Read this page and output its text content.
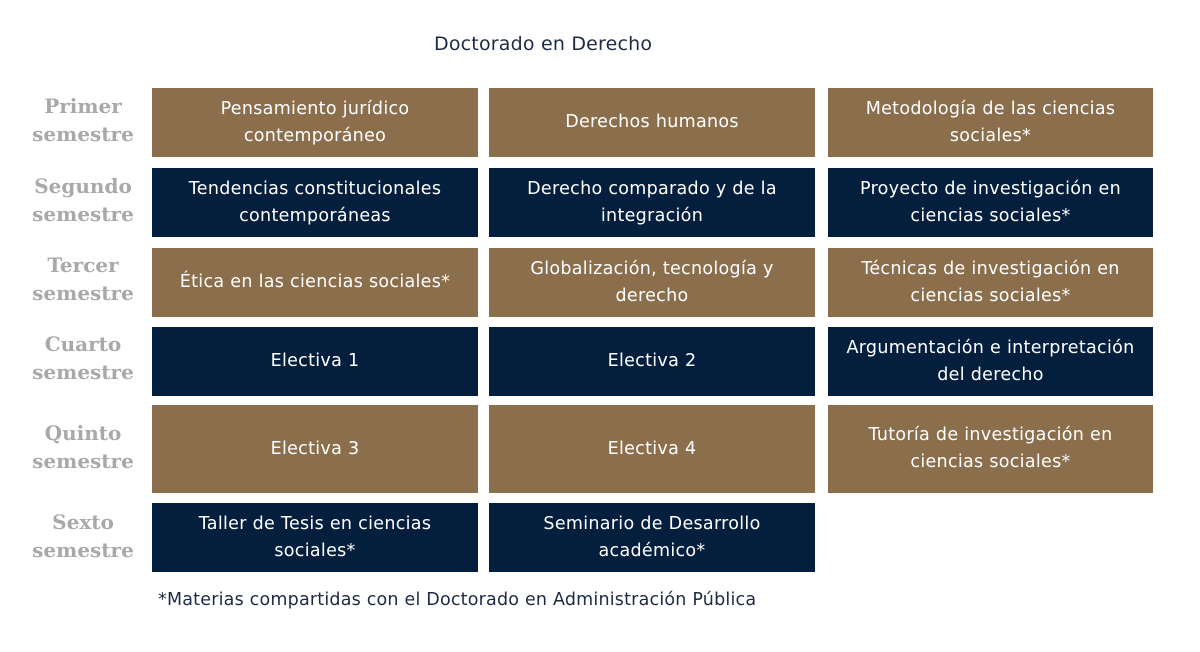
Doctorado en Derecho
Primer semestre
Segundo semestre
Tercer semestre
Cuarto semestre
Quinto semestre
Sexto semestre
Pensamiento jurídico contemporáneo
Derechos humanos
Metodología de las ciencias sociales*
Tendencias constitucionales contemporáneas
Derecho comparado y de la integración
Proyecto de investigación en ciencias sociales*
Ética en las ciencias sociales*
Globalización, tecnología y derecho
Técnicas de investigación en ciencias sociales*
Electiva 1	Electiva 2
Argumentación e interpretación del derecho
Electiva 3	Electiva 4
Tutoría de investigación en ciencias sociales*
Taller de Tesis en ciencias sociales*
Seminario de Desarrollo académico*
*Materias compartidas con el Doctorado en Administración Pública
